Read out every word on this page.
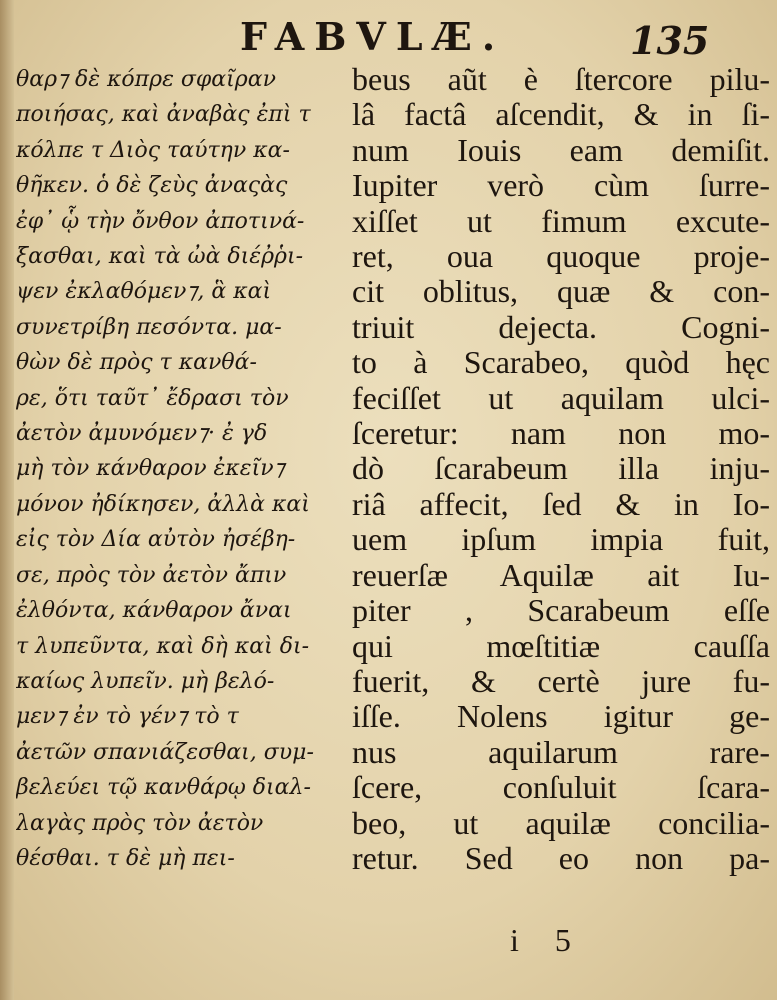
FABVLÆ.	135
θαρ⁊ δὲ κόπρε σφαῖραν
ποιήσας, καὶ ἀναβὰς ἐπὶ τ
κόλπε τ Διὸς ταύτην κα-
θῆκεν. ὁ δὲ ζεὺς ἀναςὰς
ἐφ᾽ ᾧ τὴν ὄνθον ἀποτινά-
ξασθαι, καὶ τὰ ὠὰ διέῤῥι-
ψεν ἐκλαθόμεν⁊, ἃ καὶ
συνετρίβη πεσόντα. μα-
θὼν δὲ πρὸς τ κανθά-
ρε, ὅτι ταῦτ᾽ ἔδρασι τὸν
ἀετὸν ἀμυνόμεν⁊· ἐ γδ
μὴ τὸν κάνθαρον ἐκεῖν⁊
μόνον ἠδίκησεν, ἀλλὰ καὶ
εἰς τὸν Δία αὐτὸν ἠσέβη-
σε, πρὸς τὸν ἀετὸν ἄπιν
ἐλθόντα, κάνθαρον ἄναι
τ λυπεῦντα, καὶ δὴ καὶ δι-
καίως λυπεῖν. μὴ βελό-
μεν⁊ ἐν τὸ γέν⁊ τὸ τ
ἀετῶν σπανιάζεσθαι, συμ-
βελεύει τῷ κανθάρῳ διαλ-
λαγὰς πρὸς τὸν ἀετὸν
θέσθαι. τ δὲ μὴ πει-
beus aũt è ſtercore pilu-
lâ factâ aſcendit, & in ſi-
num Iouis eam demiſit.
Iupiter verò cùm ſurre-
xiſſet ut fimum excute-
ret, oua quoque proje-
cit oblitus, quæ & con-
triuit dejecta. Cogni-
to à Scarabeo, quòd hęc
feciſſet ut aquilam ulci-
ſceretur: nam non mo-
dò ſcarabeum illa inju-
riâ affecit, ſed & in Io-
uem ipſum impia fuit,
reuerſæ Aquilæ ait Iu-
piter , Scarabeum eſſe
qui mœſtitiæ cauſſa
fuerit, & certè jure fu-
iſſe. Nolens igitur ge-
nus aquilarum rare-
ſcere, conſuluit ſcara-
beo, ut aquilæ concilia-
retur. Sed eo non pa-
i 5
